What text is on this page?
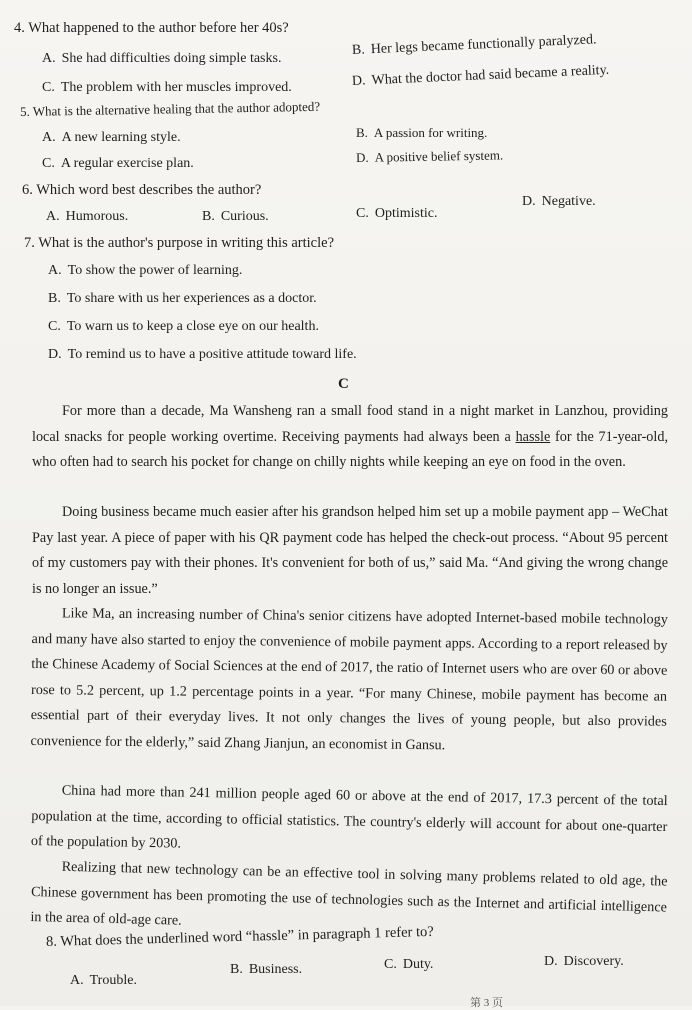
4. What happened to the author before her 40s?
A. She had difficulties doing simple tasks.
B. Her legs became functionally paralyzed.
C. The problem with her muscles improved.	D. What the doctor had said became a reality.
5. What is the alternative healing that the author adopted?
A. A new learning style.	B. A passion for writing.
C. A regular exercise plan.	D. A positive belief system.
6. Which word best describes the author?
A. Humorous.	B. Curious.	C. Optimistic.
D. Negative.
7. What is the author's purpose in writing this article?
A. To show the power of learning.
B. To share with us her experiences as a doctor.
C. To warn us to keep a close eye on our health.
D. To remind us to have a positive attitude toward life.
C

For more than a decade, Ma Wansheng ran a small food stand in a night market in Lanzhou, providing local snacks for people working overtime. Receiving payments had always been a hassle for the 71-year-old, who often had to search his pocket for change on chilly nights while keeping an eye on food in the oven.

Doing business became much easier after his grandson helped him set up a mobile payment app – WeChat Pay last year. A piece of paper with his QR payment code has helped the check-out process. “About 95 percent of my customers pay with their phones. It's convenient for both of us,” said Ma. “And giving the wrong change is no longer an issue.”

Like Ma, an increasing number of China's senior citizens have adopted Internet-based mobile technology and many have also started to enjoy the convenience of mobile payment apps. According to a report released by the Chinese Academy of Social Sciences at the end of 2017, the ratio of Internet users who are over 60 or above rose to 5.2 percent, up 1.2 percentage points in a year. “For many Chinese, mobile payment has become an essential part of their everyday lives. It not only changes the lives of young people, but also provides convenience for the elderly,” said Zhang Jianjun, an economist in Gansu.

China had more than 241 million people aged 60 or above at the end of 2017, 17.3 percent of the total population at the time, according to official statistics. The country's elderly will account for about one-quarter of the population by 2030.

Realizing that new technology can be an effective tool in solving many problems related to old age, the Chinese government has been promoting the use of technologies such as the Internet and artificial intelligence in the area of old-age care.

8. What does the underlined word “hassle” in paragraph 1 refer to?
A. Trouble.
B. Business.	C. Duty.	D. Discovery.
第 3 页
